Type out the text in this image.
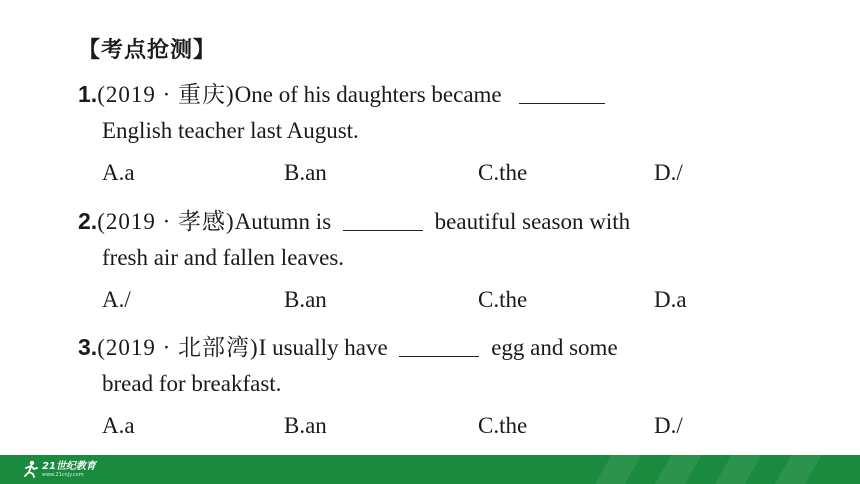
【考点抢测】
1.(2019 · 重庆)One of his daughters became
English teacher last August.
A.a	B.an	C.the	D./
2.(2019 · 孝感)Autumn is	beautiful season with
fresh air and fallen leaves.
A./	B.an	C.the	D.a
3.(2019 · 北部湾)I usually have	egg and some
bread for breakfast.
A.a	B.an	C.the	D./
21世纪教育
www.21cnjy.com
